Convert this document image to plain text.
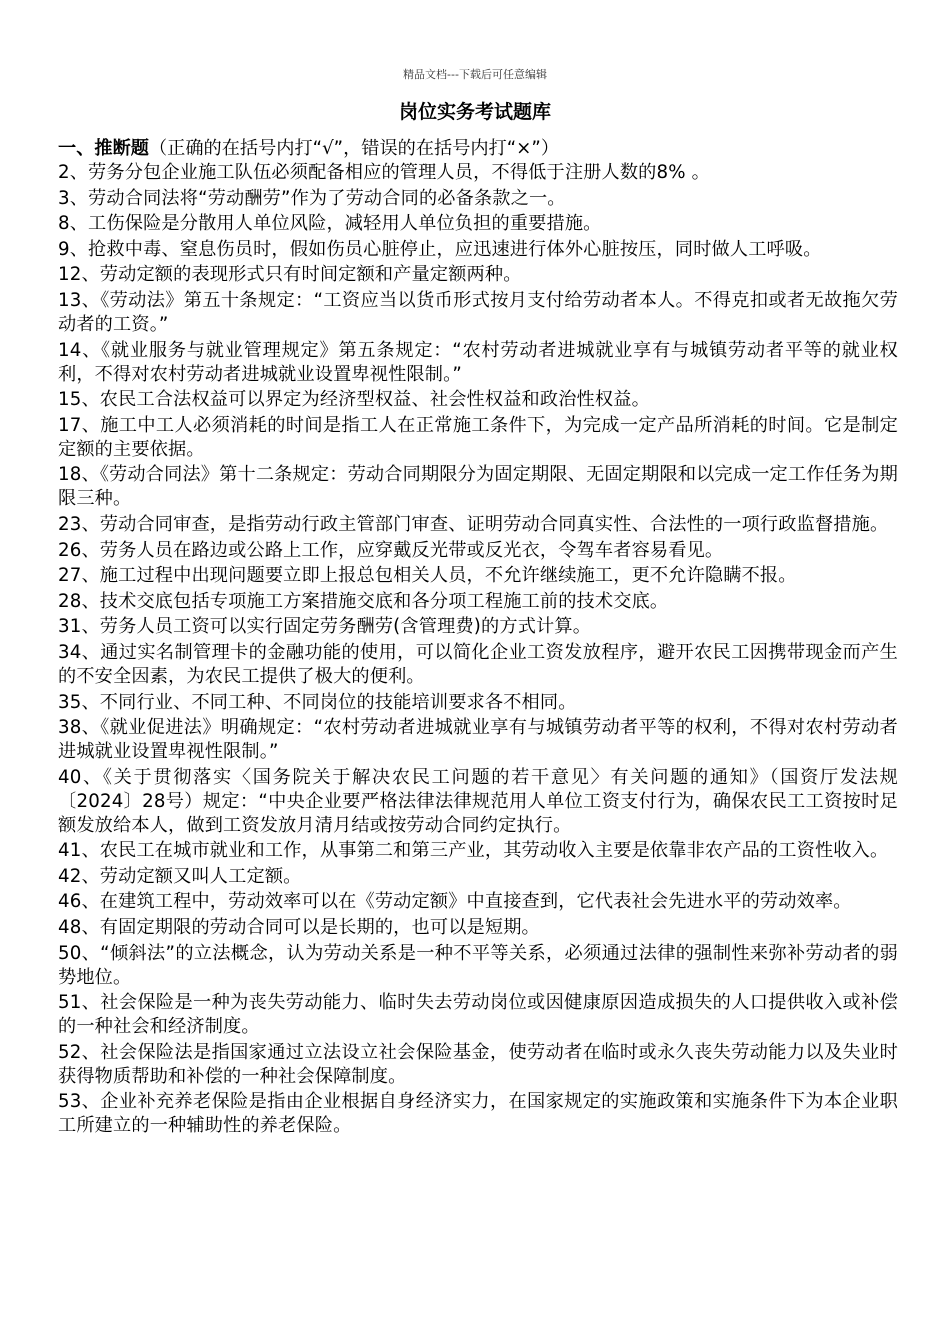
精品文档---下载后可任意编辑
岗位实务考试题库

一、推断题（正确的在括号内打“√”，错误的在括号内打“×”）

2、劳务分包企业施工队伍必须配备相应的管理人员，不得低于注册人数的8% 。

3、劳动合同法将“劳动酬劳”作为了劳动合同的必备条款之一。

8、工伤保险是分散用人单位风险，减轻用人单位负担的重要措施。

9、抢救中毒、窒息伤员时，假如伤员心脏停止，应迅速进行体外心脏按压，同时做人工呼吸。

12、劳动定额的表现形式只有时间定额和产量定额两种。

13、《劳动法》第五十条规定：“工资应当以货币形式按月支付给劳动者本人。不得克扣或者无故拖欠劳动者的工资。”

14、《就业服务与就业管理规定》第五条规定：“农村劳动者进城就业享有与城镇劳动者平等的就业权利，不得对农村劳动者进城就业设置卑视性限制。”

15、农民工合法权益可以界定为经济型权益、社会性权益和政治性权益。

17、施工中工人必须消耗的时间是指工人在正常施工条件下，为完成一定产品所消耗的时间。它是制定定额的主要依据。

18、《劳动合同法》第十二条规定：劳动合同期限分为固定期限、无固定期限和以完成一定工作任务为期限三种。

23、劳动合同审查，是指劳动行政主管部门审查、证明劳动合同真实性、合法性的一项行政监督措施。

26、劳务人员在路边或公路上工作，应穿戴反光带或反光衣，令驾车者容易看见。

27、施工过程中出现问题要立即上报总包相关人员，不允许继续施工，更不允许隐瞒不报。

28、技术交底包括专项施工方案措施交底和各分项工程施工前的技术交底。

31、劳务人员工资可以实行固定劳务酬劳(含管理费)的方式计算。

34、通过实名制管理卡的金融功能的使用，可以简化企业工资发放程序，避开农民工因携带现金而产生的不安全因素，为农民工提供了极大的便利。

35、不同行业、不同工种、不同岗位的技能培训要求各不相同。

38、《就业促进法》明确规定：“农村劳动者进城就业享有与城镇劳动者平等的权利，不得对农村劳动者进城就业设置卑视性限制。”

40、《关于贯彻落实〈国务院关于解决农民工问题的若干意见〉有关问题的通知》（国资厅发法规〔2024〕28号）规定：“中央企业要严格法律法律规范用人单位工资支付行为，确保农民工工资按时足额发放给本人，做到工资发放月清月结或按劳动合同约定执行。

41、农民工在城市就业和工作，从事第二和第三产业，其劳动收入主要是依靠非农产品的工资性收入。

42、劳动定额又叫人工定额。

46、在建筑工程中，劳动效率可以在《劳动定额》中直接查到，它代表社会先进水平的劳动效率。

48、有固定期限的劳动合同可以是长期的，也可以是短期。

50、“倾斜法”的立法概念，认为劳动关系是一种不平等关系，必须通过法律的强制性来弥补劳动者的弱势地位。

51、社会保险是一种为丧失劳动能力、临时失去劳动岗位或因健康原因造成损失的人口提供收入或补偿的一种社会和经济制度。

52、社会保险法是指国家通过立法设立社会保险基金，使劳动者在临时或永久丧失劳动能力以及失业时获得物质帮助和补偿的一种社会保障制度。

53、企业补充养老保险是指由企业根据自身经济实力，在国家规定的实施政策和实施条件下为本企业职工所建立的一种辅助性的养老保险。
